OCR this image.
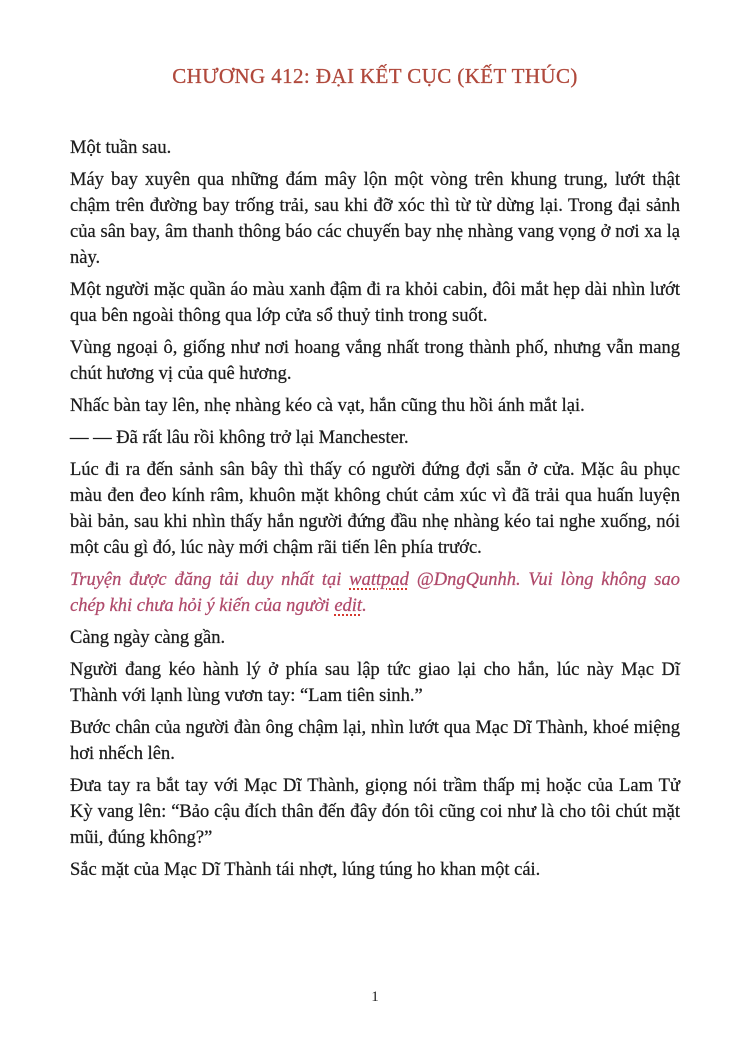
CHƯƠNG 412: ĐẠI KẾT CỤC (KẾT THÚC)

Một tuần sau.

Máy bay xuyên qua những đám mây lộn một vòng trên khung trung, lướt thật chậm trên đường bay trống trải, sau khi đỡ xóc thì từ từ dừng lại. Trong đại sảnh của sân bay, âm thanh thông báo các chuyến bay nhẹ nhàng vang vọng ở nơi xa lạ này.

Một người mặc quần áo màu xanh đậm đi ra khỏi cabin, đôi mắt hẹp dài nhìn lướt qua bên ngoài thông qua lớp cửa sổ thuỷ tinh trong suốt.

Vùng ngoại ô, giống như nơi hoang vắng nhất trong thành phố, nhưng vẫn mang chút hương vị của quê hương.

Nhấc bàn tay lên, nhẹ nhàng kéo cà vạt, hắn cũng thu hồi ánh mắt lại.

— — Đã rất lâu rồi không trở lại Manchester.

Lúc đi ra đến sảnh sân bây thì thấy có người đứng đợi sẵn ở cửa. Mặc âu phục màu đen đeo kính râm, khuôn mặt không chút cảm xúc vì đã trải qua huấn luyện bài bản, sau khi nhìn thấy hắn người đứng đầu nhẹ nhàng kéo tai nghe xuống, nói một câu gì đó, lúc này mới chậm rãi tiến lên phía trước.

Truyện được đăng tải duy nhất tại wattpad @DngQunhh. Vui lòng không sao chép khi chưa hỏi ý kiến của người edit.

Càng ngày càng gần.

Người đang kéo hành lý ở phía sau lập tức giao lại cho hắn, lúc này Mạc Dĩ Thành với lạnh lùng vươn tay: “Lam tiên sinh.”

Bước chân của người đàn ông chậm lại, nhìn lướt qua Mạc Dĩ Thành, khoé miệng hơi nhếch lên.

Đưa tay ra bắt tay với Mạc Dĩ Thành, giọng nói trầm thấp mị hoặc của Lam Tử Kỳ vang lên: “Bảo cậu đích thân đến đây đón tôi cũng coi như là cho tôi chút mặt mũi, đúng không?”

Sắc mặt của Mạc Dĩ Thành tái nhợt, lúng túng ho khan một cái.

1
